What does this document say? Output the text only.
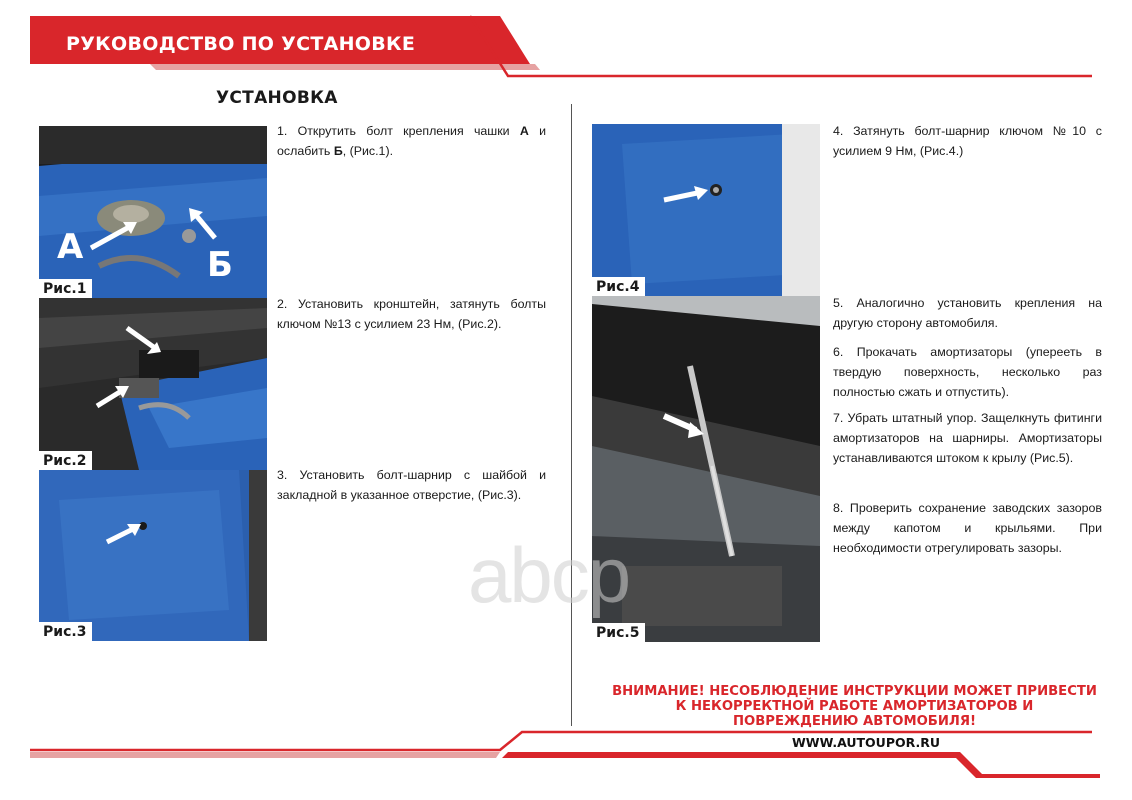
РУКОВОДСТВО ПО УСТАНОВКЕ
УСТАНОВКА
А	Б
Рис.1
Рис.2
Рис.3
Рис.4
Рис.5

1. Открутить болт крепления чашки А и ослабить Б, (Рис.1).

2. Установить кронштейн, затянуть болты ключом №13 с усилием 23 Нм, (Рис.2).

3. Установить болт-шарнир с шайбой и закладной в указанное отверстие, (Рис.3).

4. Затянуть болт-шарнир ключом №10 с усилием 9 Нм, (Рис.4.)

5. Аналогично установить крепления на другую сторону автомобиля.

6. Прокачать амортизаторы (уперееть в твердую поверхность, несколько раз полностью сжать и отпустить).

7. Убрать штатный упор. Защелкнуть фитинги амортизаторов на шарниры. Амортизаторы устанавливаются штоком к крылу (Рис.5).

8. Проверить сохранение заводских зазоров между капотом и крыльями. При необходимости отрегулировать зазоры.

abcp
ВНИМАНИЕ! НЕСОБЛЮДЕНИЕ ИНСТРУКЦИИ МОЖЕТ ПРИВЕСТИ К НЕКОРРЕКТНОЙ РАБОТЕ АМОРТИЗАТОРОВ И ПОВРЕЖДЕНИЮ АВТОМОБИЛЯ!
WWW.AUTOUPOR.RU
